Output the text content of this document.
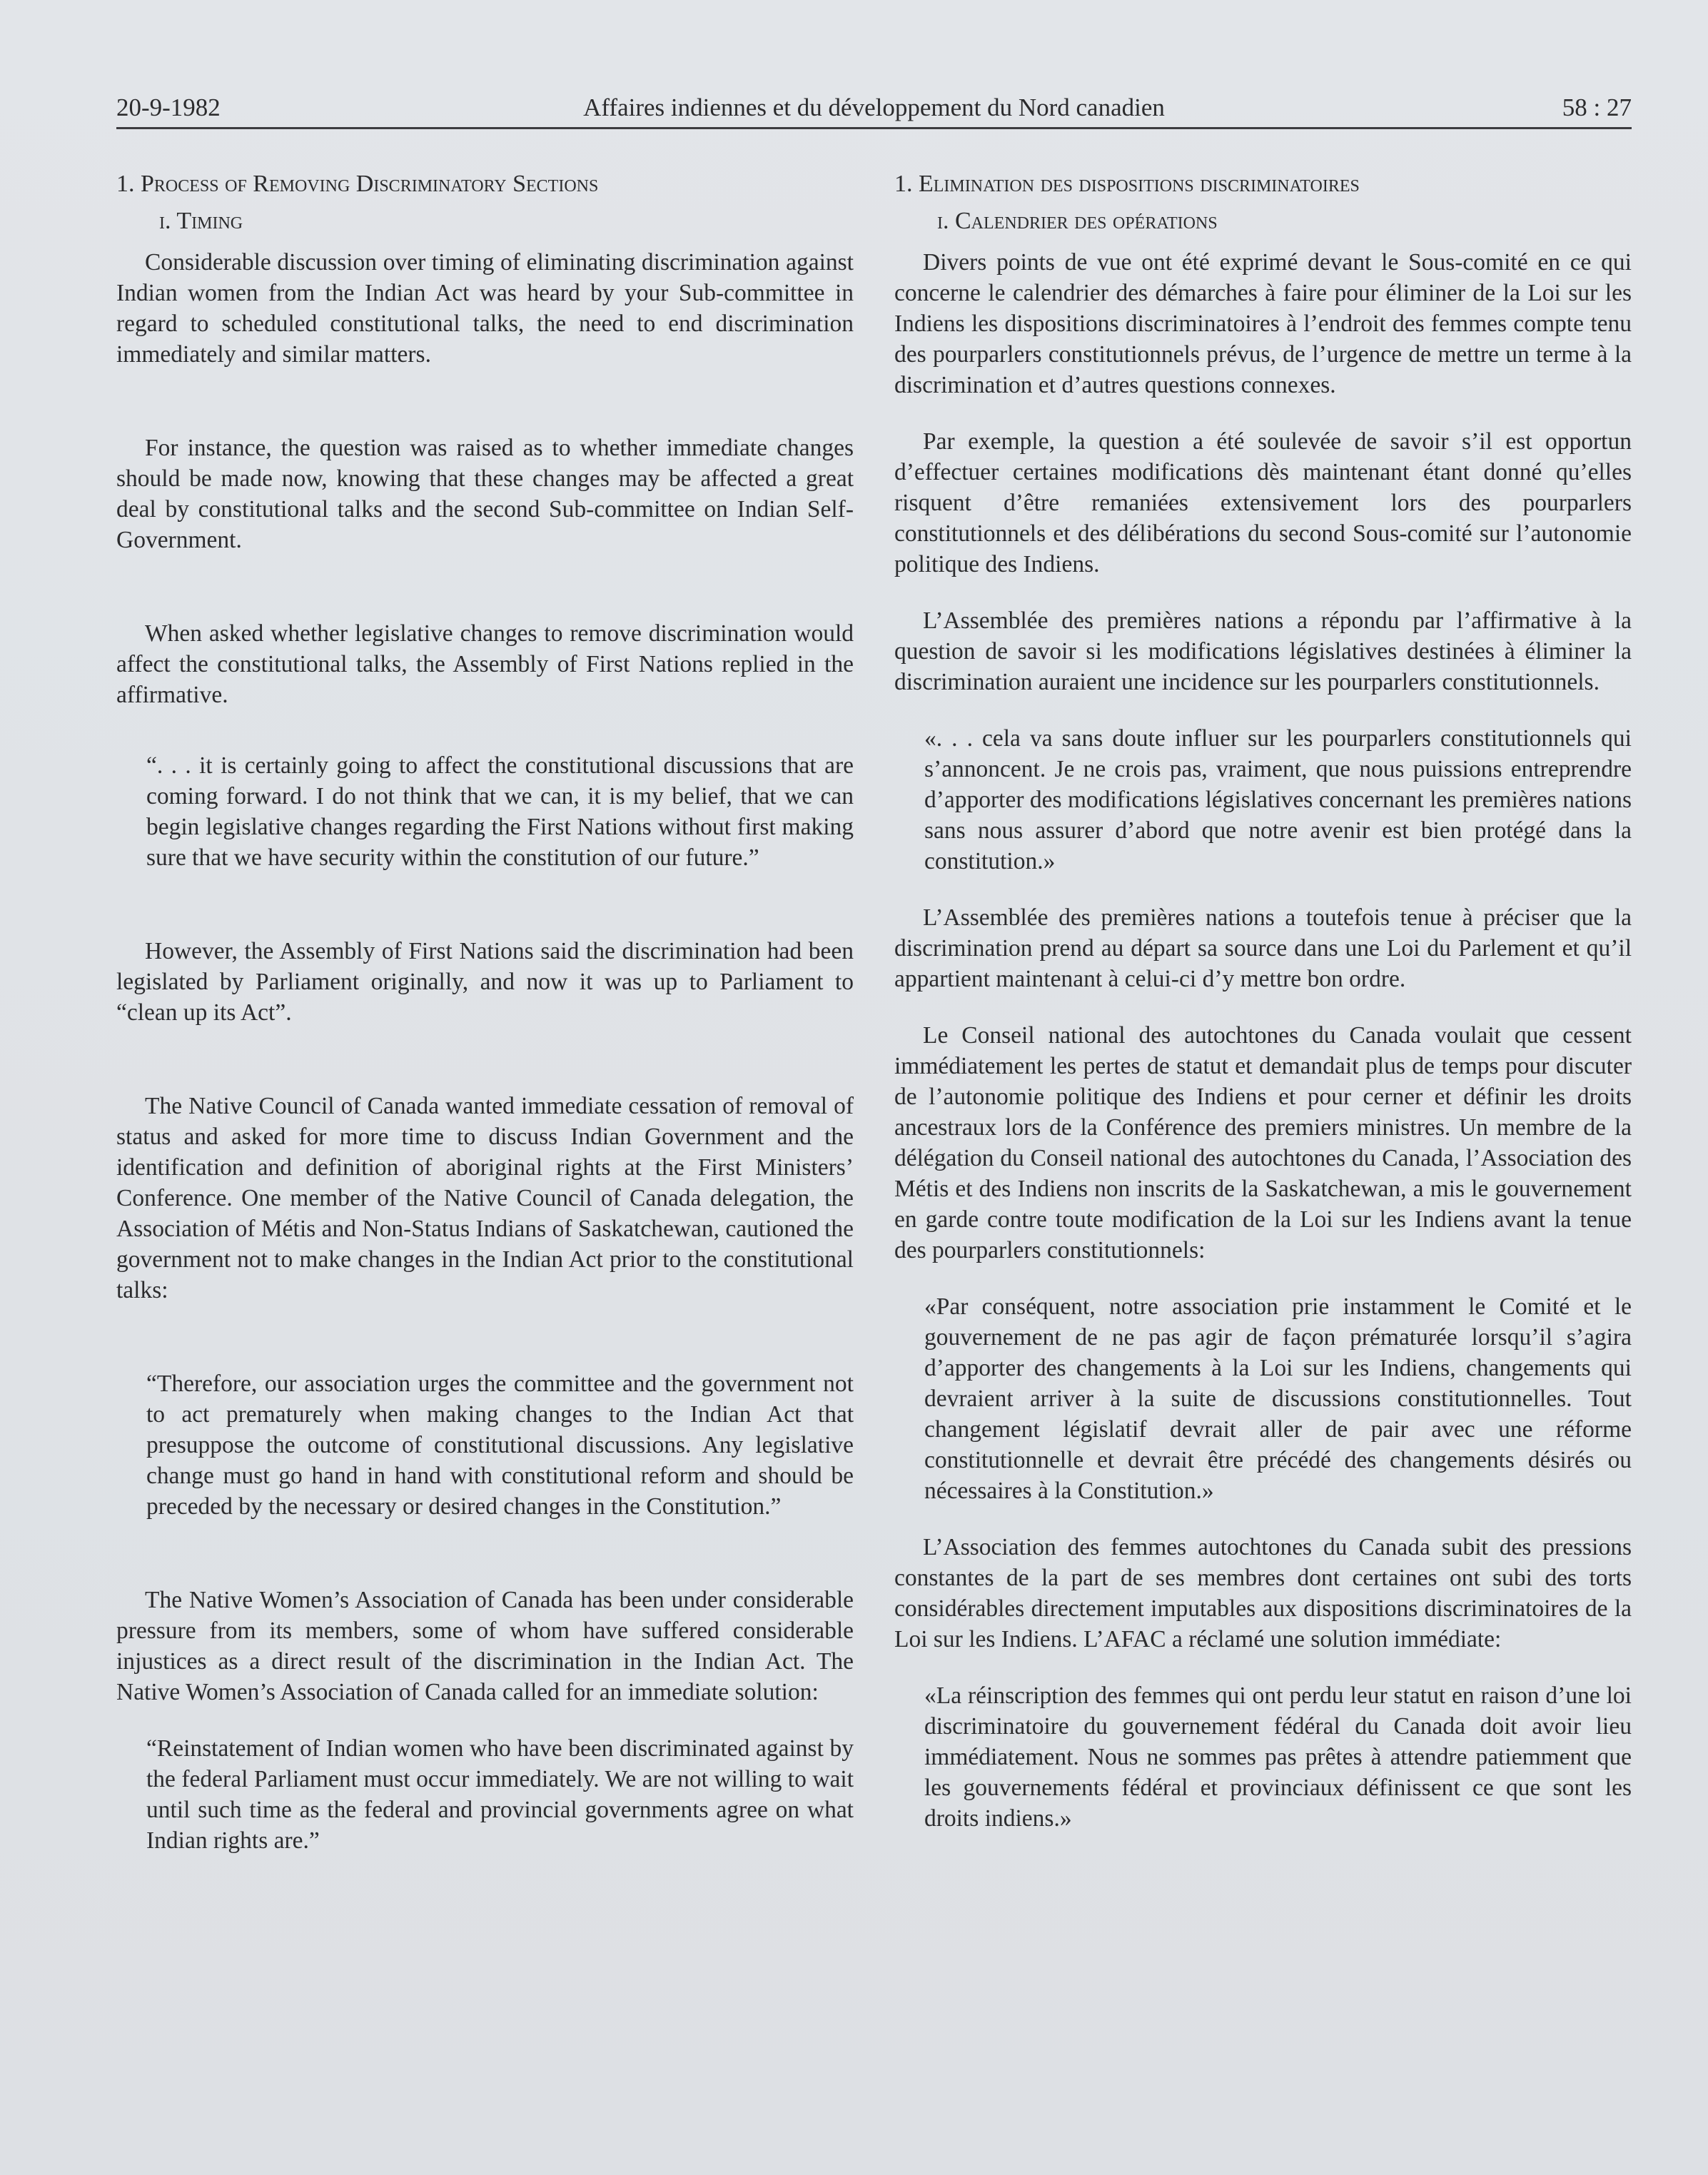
20-9-1982	Affaires indiennes et du développement du Nord canadien	58 : 27
1. Process of Removing Discriminatory Sections
i. Timing

Considerable discussion over timing of eliminating discrimination against Indian women from the Indian Act was heard by your Sub-committee in regard to scheduled constitutional talks, the need to end discrimination immediately and similar matters.

For instance, the question was raised as to whether immediate changes should be made now, knowing that these changes may be affected a great deal by constitutional talks and the second Sub-committee on Indian Self-Government.

When asked whether legislative changes to remove discrimination would affect the constitutional talks, the Assembly of First Nations replied in the affirmative.

“. . . it is certainly going to affect the constitutional discussions that are coming forward. I do not think that we can, it is my belief, that we can begin legislative changes regarding the First Nations without first making sure that we have security within the constitution of our future.”

However, the Assembly of First Nations said the discrimination had been legislated by Parliament originally, and now it was up to Parliament to “clean up its Act”.

The Native Council of Canada wanted immediate cessation of removal of status and asked for more time to discuss Indian Government and the identification and definition of aboriginal rights at the First Ministers’ Conference. One member of the Native Council of Canada delegation, the Association of Métis and Non-Status Indians of Saskatchewan, cautioned the government not to make changes in the Indian Act prior to the constitutional talks:

“Therefore, our association urges the committee and the government not to act prematurely when making changes to the Indian Act that presuppose the outcome of constitutional discussions. Any legislative change must go hand in hand with constitutional reform and should be preceded by the necessary or desired changes in the Constitution.”

The Native Women’s Association of Canada has been under considerable pressure from its members, some of whom have suffered considerable injustices as a direct result of the discrimination in the Indian Act. The Native Women’s Association of Canada called for an immediate solution:

“Reinstatement of Indian women who have been discriminated against by the federal Parliament must occur immediately. We are not willing to wait until such time as the federal and provincial governments agree on what Indian rights are.”

1. Elimination des dispositions discriminatoires
i. Calendrier des opérations

Divers points de vue ont été exprimé devant le Sous-comité en ce qui concerne le calendrier des démarches à faire pour éliminer de la Loi sur les Indiens les dispositions discriminatoires à l’endroit des femmes compte tenu des pourparlers constitutionnels prévus, de l’urgence de mettre un terme à la discrimination et d’autres questions connexes.

Par exemple, la question a été soulevée de savoir s’il est opportun d’effectuer certaines modifications dès maintenant étant donné qu’elles risquent d’être remaniées extensivement lors des pourparlers constitutionnels et des délibérations du second Sous-comité sur l’autonomie politique des Indiens.

L’Assemblée des premières nations a répondu par l’affirmative à la question de savoir si les modifications législatives destinées à éliminer la discrimination auraient une incidence sur les pourparlers constitutionnels.

«. . . cela va sans doute influer sur les pourparlers constitutionnels qui s’annoncent. Je ne crois pas, vraiment, que nous puissions entreprendre d’apporter des modifications législatives concernant les premières nations sans nous assurer d’abord que notre avenir est bien protégé dans la constitution.»

L’Assemblée des premières nations a toutefois tenue à préciser que la discrimination prend au départ sa source dans une Loi du Parlement et qu’il appartient maintenant à celui-ci d’y mettre bon ordre.

Le Conseil national des autochtones du Canada voulait que cessent immédiatement les pertes de statut et demandait plus de temps pour discuter de l’autonomie politique des Indiens et pour cerner et définir les droits ancestraux lors de la Conférence des premiers ministres. Un membre de la délégation du Conseil national des autochtones du Canada, l’Association des Métis et des Indiens non inscrits de la Saskatchewan, a mis le gouvernement en garde contre toute modification de la Loi sur les Indiens avant la tenue des pourparlers constitutionnels:

«Par conséquent, notre association prie instamment le Comité et le gouvernement de ne pas agir de façon prématurée lorsqu’il s’agira d’apporter des changements à la Loi sur les Indiens, changements qui devraient arriver à la suite de discussions constitutionnelles. Tout changement législatif devrait aller de pair avec une réforme constitutionnelle et devrait être précédé des changements désirés ou nécessaires à la Constitution.»

L’Association des femmes autochtones du Canada subit des pressions constantes de la part de ses membres dont certaines ont subi des torts considérables directement imputables aux dispositions discriminatoires de la Loi sur les Indiens. L’AFAC a réclamé une solution immédiate:

«La réinscription des femmes qui ont perdu leur statut en raison d’une loi discriminatoire du gouvernement fédéral du Canada doit avoir lieu immédiatement. Nous ne sommes pas prêtes à attendre patiemment que les gouvernements fédéral et provinciaux définissent ce que sont les droits indiens.»
